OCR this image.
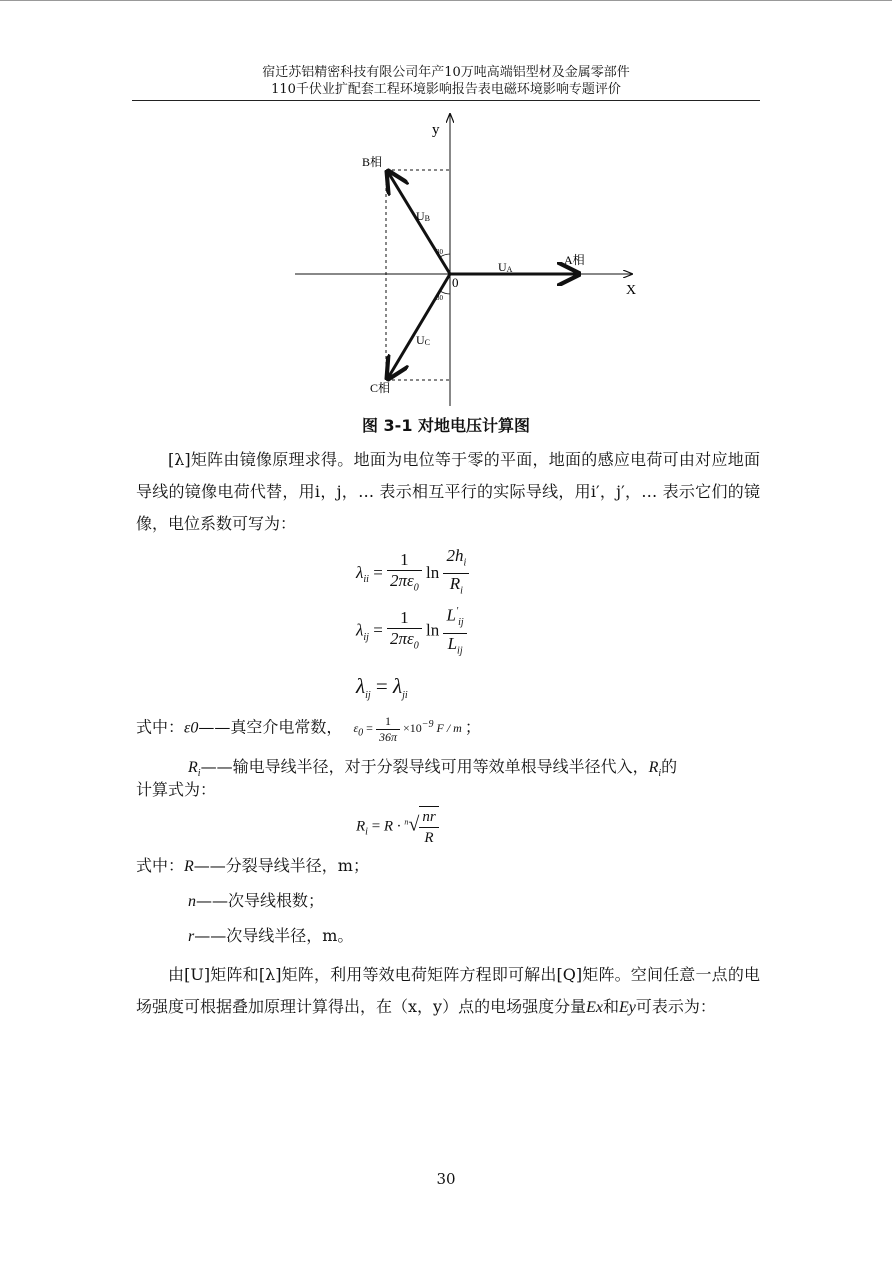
宿迁苏铝精密科技有限公司年产10万吨高端铝型材及金属零部件
110千伏业扩配套工程环境影响报告表电磁环境影响专题评价
y
X
0
B相
A相
C相
UB
UA
UC
30
30
图 3-1 对地电压计算图
[λ]矩阵由镜像原理求得。地面为电位等于零的平面，地面的感应电荷可由对应地面导线的镜像电荷代替，用i，j，… 表示相互平行的实际导线，用i′，j′，… 表示它们的镜像，电位系数可写为：
$\lambda_{ii} = \frac{1}{2\pi\varepsilon_0}$ $\ln \frac{2h_i}{R_i}$
$\lambda_{ij} = \frac{1}{2\pi\varepsilon_0}$ $\ln \frac{L'_{ij}}{L_{ij}}$
$\lambda_{ij} = \lambda_{ji}$
式中：ε0——真空介电常数， $\varepsilon_0 = \frac{1}{36\pi} \times 10^{-9}$ F / m ；
$R_i——$输电导线半径，对于分裂导线可用等效单根导线半径代入，$R_i$的
计算式为：
$R_i = R \cdot ^n√ \frac{nr}{R}$
式中：R——分裂导线半径，m；
n——次导线根数；
r——次导线半径，m。
由[U]矩阵和[λ]矩阵，利用等效电荷矩阵方程即可解出[Q]矩阵。空间任意一点的电场强度可根据叠加原理计算得出，在（x，y）点的电场强度分量Ex和Ey可表示为：
30
